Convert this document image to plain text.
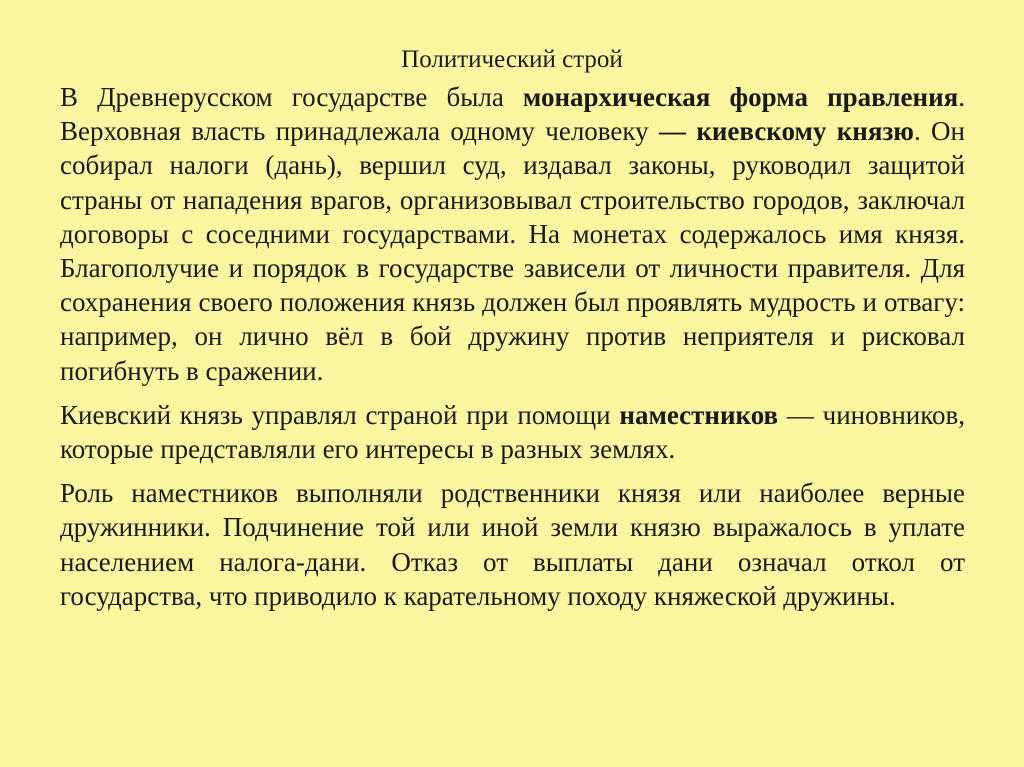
Политический строй

В Древнерусском государстве была монархическая форма правления. Верховная власть принадлежала одному человеку — киевскому князю. Он собирал налоги (дань), вершил суд, издавал законы, руководил защитой страны от нападения врагов, организовывал строительство городов, заключал договоры с соседними государствами. На монетах содержалось имя князя. Благополучие и порядок в государстве зависели от личности правителя. Для сохранения своего положения князь должен был проявлять мудрость и отвагу: например, он лично вёл в бой дружину против неприятеля и рисковал погибнуть в сражении.

Киевский князь управлял страной при помощи наместников — чиновников, которые представляли его интересы в разных землях.

Роль наместников выполняли родственники князя или наиболее верные дружинники. Подчинение той или иной земли князю выражалось в уплате населением налога-дани. Отказ от выплаты дани означал откол от государства, что приводило к карательному походу княжеской дружины.
